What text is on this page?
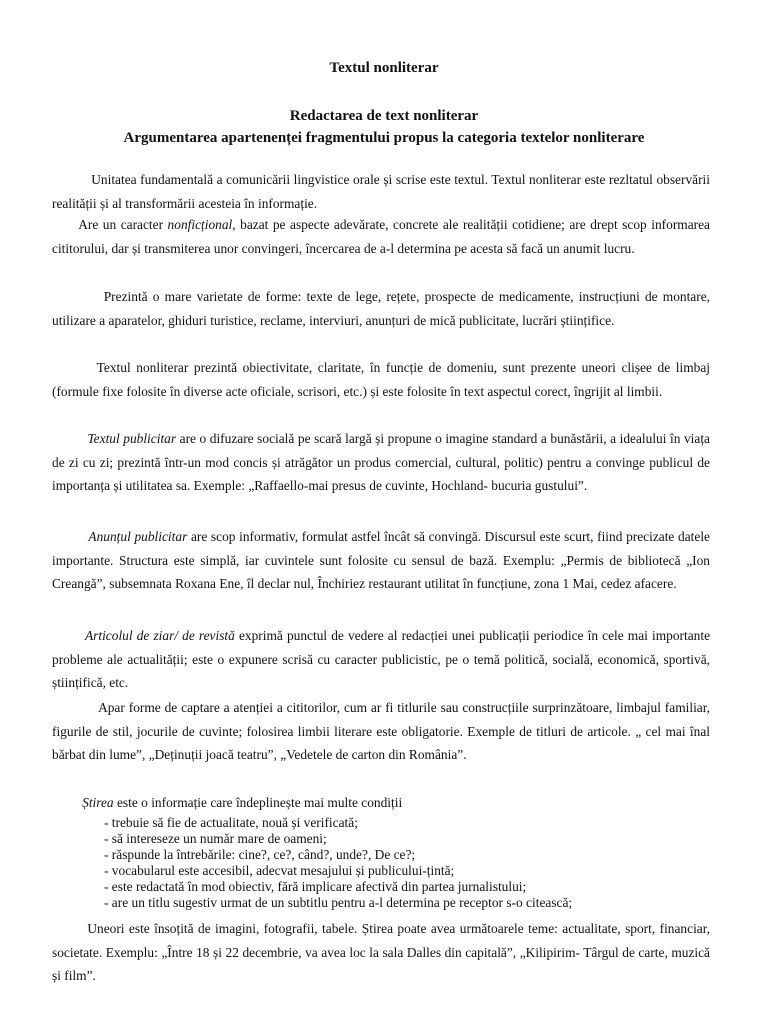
Textul nonliterar
Redactarea de text nonliterar
Argumentarea apartenenței fragmentului propus la categoria textelor nonliterare

Unitatea fundamentală a comunicării lingvistice orale și scrise este textul. Textul nonliterar este rezltatul observării realității și al transformării acesteia în informație.

Are un caracter nonficțional, bazat pe aspecte adevărate, concrete ale realității cotidiene; are drept scop informarea cititorului, dar și transmiterea unor convingeri, încercarea de a-l determina pe acesta să facă un anumit lucru.

Prezintă o mare varietate de forme: texte de lege, rețete, prospecte de medicamente, instrucțiuni de montare, utilizare a aparatelor, ghiduri turistice, reclame, interviuri, anunțuri de mică publicitate, lucrări științifice.

Textul nonliterar prezintă obiectivitate, claritate, în funcție de domeniu, sunt prezente uneori clișee de limbaj (formule fixe folosite în diverse acte oficiale, scrisori, etc.) și este folosite în text aspectul corect, îngrijit al limbii.

Textul publicitar are o difuzare socială pe scară largă și propune o imagine standard a bunăstării, a idealului în viața de zi cu zi; prezintă într-un mod concis și atrăgător un produs comercial, cultural, politic) pentru a convinge publicul de importanța și utilitatea sa. Exemple: „Raffaello-mai presus de cuvinte, Hochland- bucuria gustului”.

Anunțul publicitar are scop informativ, formulat astfel încât să convingă. Discursul este scurt, fiind precizate datele importante. Structura este simplă, iar cuvintele sunt folosite cu sensul de bază. Exemplu: „Permis de bibliotecă „Ion Creangă”, subsemnata Roxana Ene, îl declar nul, Închiriez restaurant utilitat în funcțiune, zona 1 Mai, cedez afacere.

Articolul de ziar/ de revistă exprimă punctul de vedere al redacției unei publicații periodice în cele mai importante probleme ale actualității; este o expunere scrisă cu caracter publicistic, pe o temă politică, socială, economică, sportivă, științifică, etc.

Apar forme de captare a atenției a cititorilor, cum ar fi titlurile sau construcțiile surprinzătoare, limbajul familiar, figurile de stil, jocurile de cuvinte; folosirea limbii literare este obligatorie. Exemple de titluri de articole. „ cel mai înal bărbat din lume”, „Deținuții joacă teatru”, „Vedetele de carton din România”.

Știrea este o informație care îndeplinește mai multe condiții

- trebuie să fie de actualitate, nouă și verificată;
- să intereseze un număr mare de oameni;
- răspunde la întrebările: cine?, ce?, când?, unde?, De ce?;
- vocabularul este accesibil, adecvat mesajului și publicului-țintă;
- este redactată în mod obiectiv, fără implicare afectivă din partea jurnalistului;
- are un titlu sugestiv urmat de un subtitlu pentru a-l determina pe receptor s-o citească;

Uneori este însoțită de imagini, fotografii, tabele. Știrea poate avea următoarele teme: actualitate, sport, financiar, societate. Exemplu: „Între 18 și 22 decembrie, va avea loc la sala Dalles din capitală”, „Kilipirim- Târgul de carte, muzică și film”.
